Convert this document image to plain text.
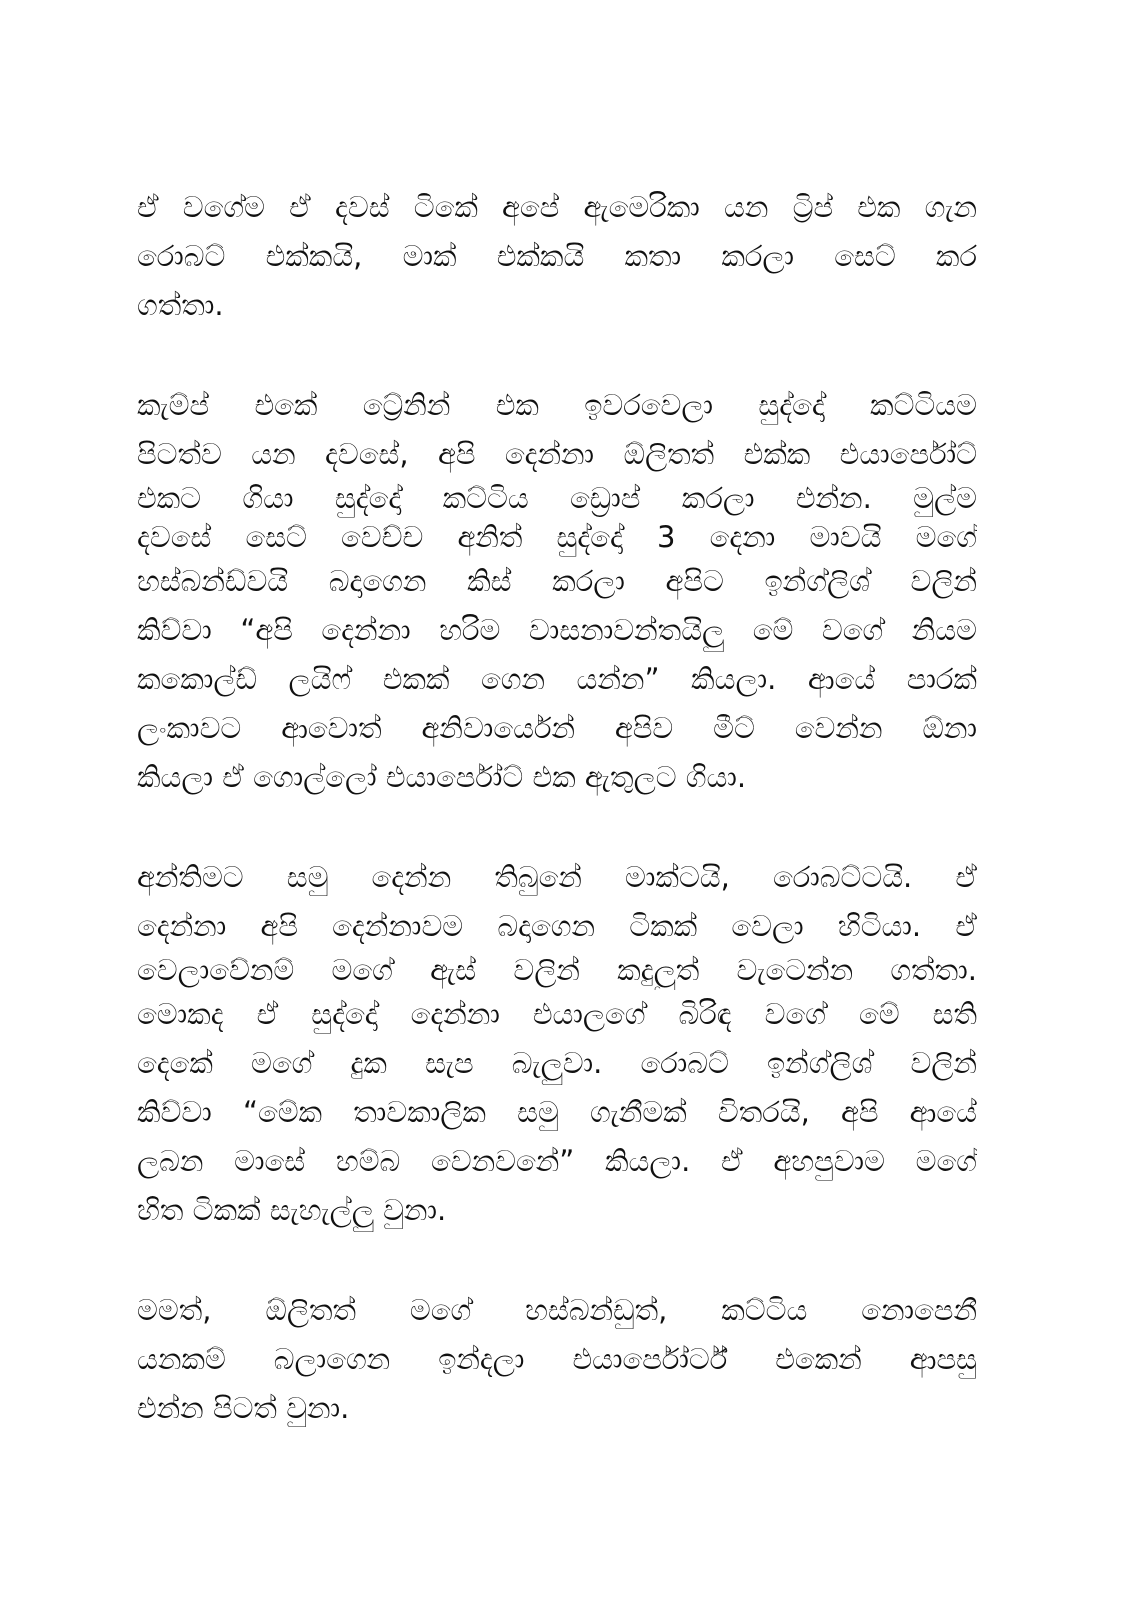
ඒ වගේම ඒ දවස් ටිකේ අපේ ඇමෙරිකා යන ට්‍රිප් එක ගැන
රොබට් එක්කයි, මාක් එක්කයි කතා කරලා සෙට් කර
ගත්තා.
කැම්ප් එකේ ට්‍රේනින් එක ඉවරවෙලා සුද්දෝ කට්ටියම
පිටත්ව යන දවසේ, අපි දෙන්නා ඕලිතත් එක්ක එයාර්පෝට්
එකට ගියා සුද්දෝ කට්ටිය ඩ්‍රොප් කරලා එන්න. මුල්ම
දවසේ සෙට් වෙච්ච අනිත් සුද්දෝ 3 දෙනා මාවයි මගේ
හස්බන්ඩ්වයි බදාගෙන කිස් කරලා අපිට ඉන්ග්ලිශ් වලින්
කිව්වා “අපි දෙන්නා හරිම වාසනාවන්තයිලු මේ වගේ නියම
කකොල්ඩ් ලයිෆ් එකක් ගෙන යන්න” කියලා. ආයේ පාරක්
ලංකාවට ආවොත් අනිවාර්යෙන් අපිව මීට් වෙන්න ඕනා
කියලා ඒ ගොල්ලෝ එයාර්පෝට් එක ඇතුලට ගියා.
අන්තිමට සමු දෙන්න තිබුනේ මාක්ටයි, රොබට්ටයි. ඒ
දෙන්නා අපි දෙන්නාවම බදාගෙන ටිකක් වෙලා හිටියා. ඒ
වෙලාවේනම් මගේ ඇස් වලින් කදුලුත් වැටෙන්න ගත්තා.
මොකද ඒ සුද්දෝ දෙන්නා එයාලගේ බිරිඳ වගේ මේ සති
දෙකේ මගේ දුක සැප බැලුවා. රොබට් ඉන්ග්ලිශ් වලින්
කිව්වා “මේක තාවකාලික සමු ගැනීමක් විතරයි, අපි ආයේ
ලබන මාසේ හම්බ වෙනවනේ” කියලා. ඒ අහපුවාම මගේ
හිත ටිකක් සැහැල්ලු වුනා.
මමත්, ඕලිතත් මගේ හස්බන්ඩුත්, කට්ටිය නොපෙනී
යනකම් බලාගෙන ඉන්දලා එයාර්පෝර්ට් එකෙන් ආපසු
එන්න පිටත් වුනා.
